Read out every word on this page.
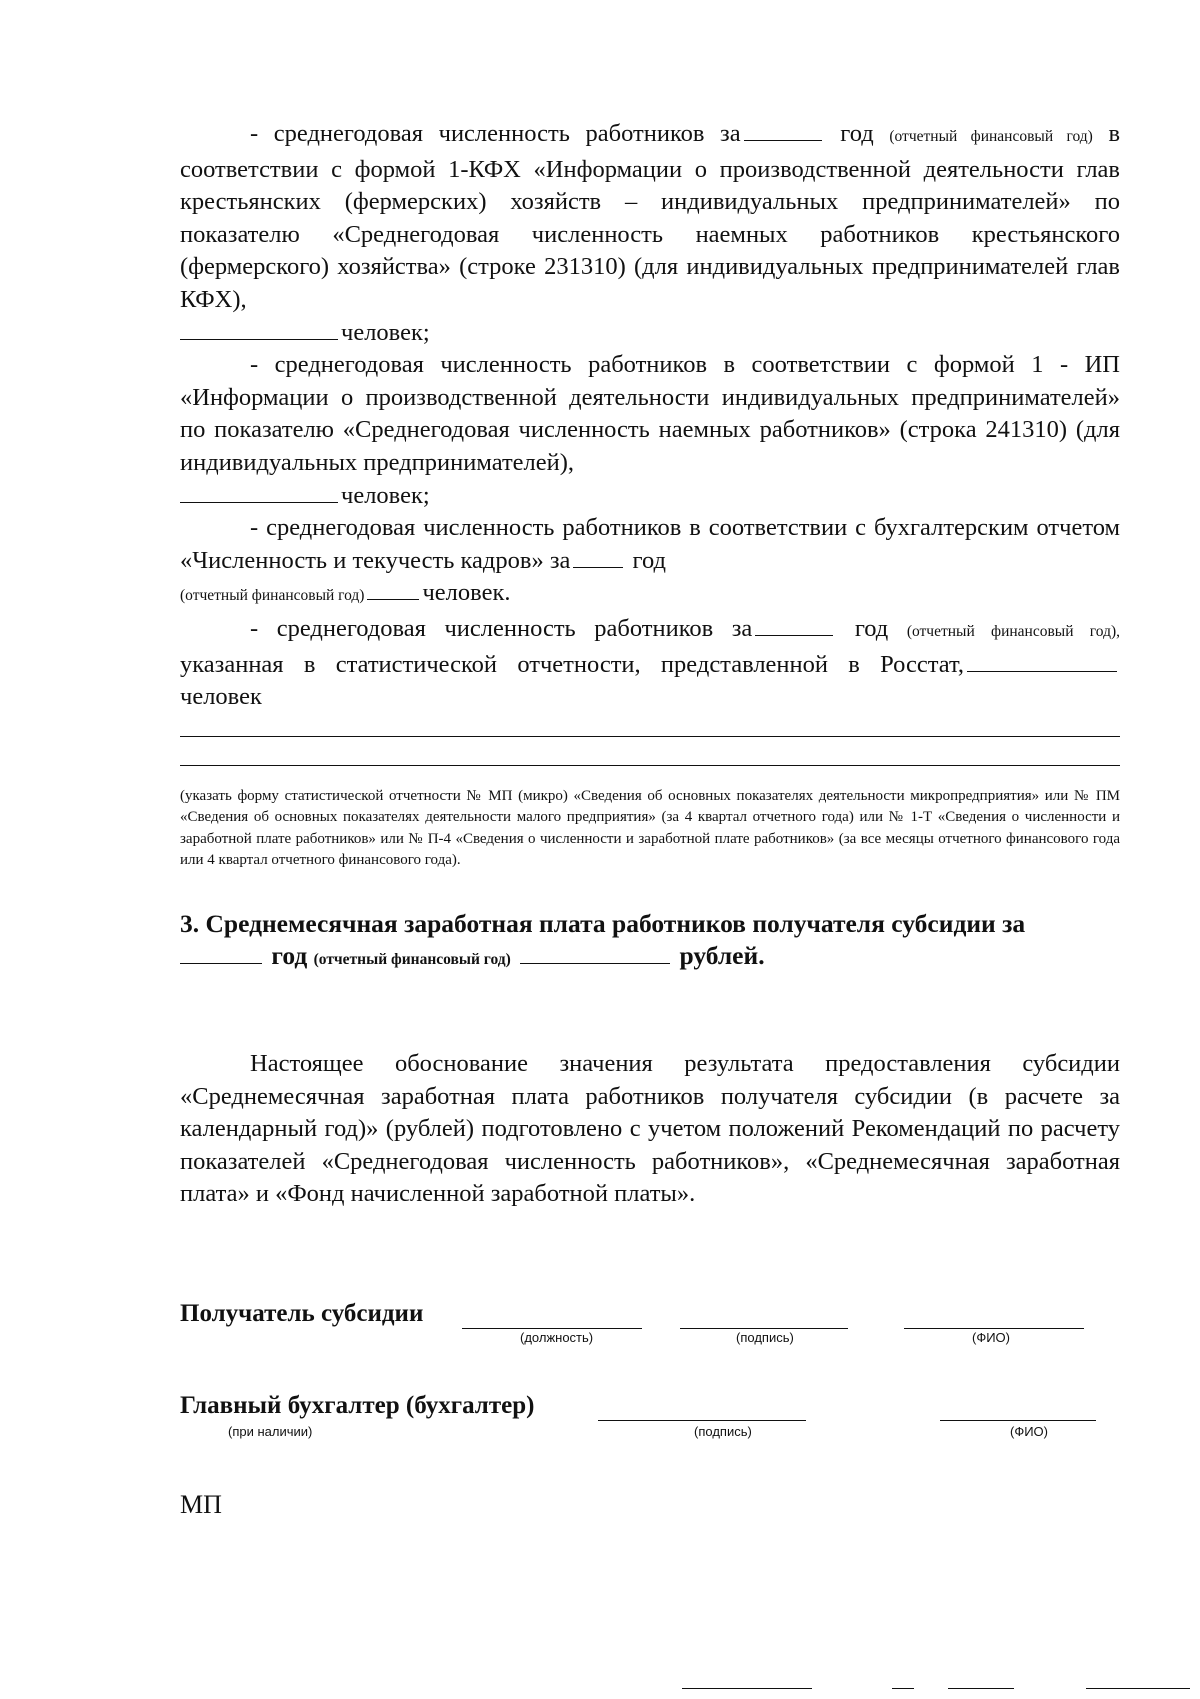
- среднегодовая численность работников за	год (отчетный финансовый год) в соответствии с формой 1-КФХ «Информации о производственной деятельности глав крестьянских (фермерских) хозяйств – индивидуальных предпринимателей» по показателю «Среднегодовая численность наемных работников крестьянского (фермерского) хозяйства» (строке 231310) (для индивидуальных предпринимателей глав КФХ),
человек;

- среднегодовая численность работников в соответствии с формой 1 - ИП «Информации о производственной деятельности индивидуальных предпринимателей» по показателю «Среднегодовая численность наемных работников» (строка 241310) (для индивидуальных предпринимателей),
человек;

- среднегодовая численность работников в соответствии с бухгалтерским отчетом «Численность и текучесть кадров» за	год
(отчетный финансовый год) человек.

- среднегодовая численность работников за	год (отчетный финансовый год), указанная в статистической отчетности, представленной в Росстат, человек

(указать форму статистической отчетности № МП (микро) «Сведения об основных показателях деятельности микропредприятия» или № ПМ «Сведения об основных показателях деятельности малого предприятия» (за 4 квартал отчетного года) или № 1-Т «Сведения о численности и заработной плате работников» или № П-4 «Сведения о численности и заработной плате работников» (за все месяцы отчетного финансового года или 4 квартал отчетного финансового года).

3. Среднемесячная заработная плата работников получателя субсидии за
год (отчетный финансовый год)	рублей.

Настоящее обоснование значения результата предоставления субсидии «Среднемесячная заработная плата работников получателя субсидии (в расчете за календарный год)» (рублей) подготовлено с учетом положений Рекомендаций по расчету показателей «Среднегодовая численность работников», «Среднемесячная заработная плата» и «Фонд начисленной заработной платы».

Получатель субсидии
(должность)	(подпись)	(ФИО)
Главный бухгалтер (бухгалтер)
(при наличии)	(подпись)	(ФИО)
МП
